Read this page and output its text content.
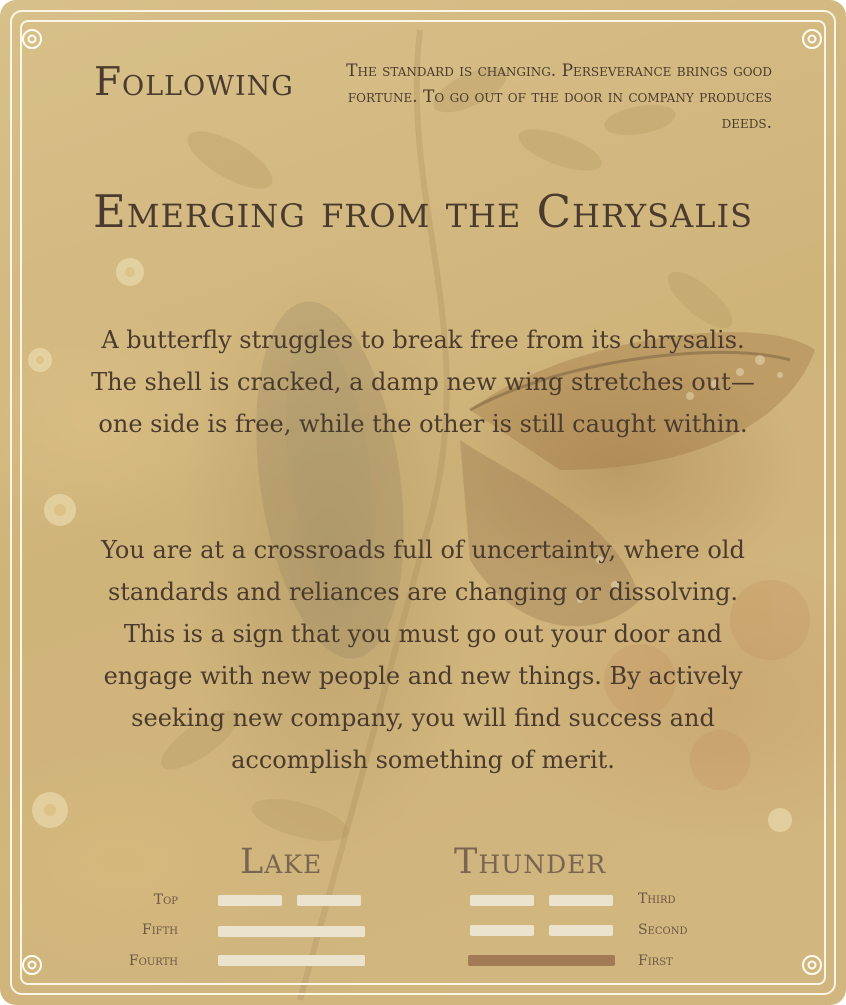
Following	The standard is changing. Perseverance brings good fortune. To go out of the door in company produces deeds.
Emerging from the Chrysalis
A butterfly struggles to break free from its chrysalis. The shell is cracked, a damp new wing stretches out—one side is free, while the other is still caught within.
You are at a crossroads full of uncertainty, where old standards and reliances are changing or dissolving. This is a sign that you must go out your door and engage with new people and new things. By actively seeking new company, you will find success and accomplish something of merit.
Lake	Thunder
Top
Fifth
Fourth
Third
Second
First
